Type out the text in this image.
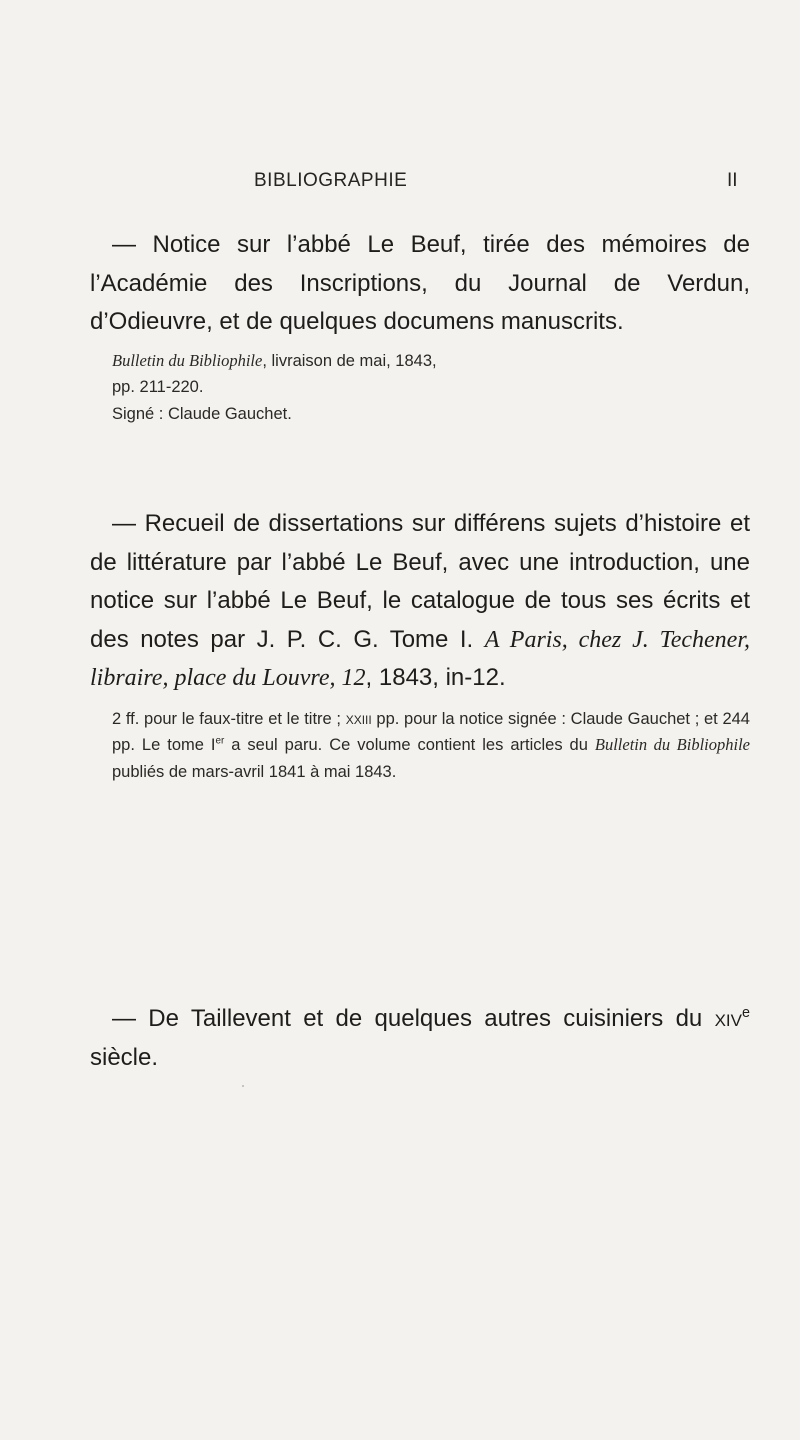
BIBLIOGRAPHIE	II

— Notice sur l’abbé Le Beuf, tirée des mémoires de l’Académie des Inscriptions, du Journal de Verdun, d’Odieuvre, et de quelques documens manuscrits.

Bulletin du Bibliophile, livraison de mai, 1843,

pp. 211-220.

Signé : Claude Gauchet.

— Recueil de dissertations sur différens sujets d’histoire et de littérature par l’abbé Le Beuf, avec une introduction, une notice sur l’abbé Le Beuf, le catalogue de tous ses écrits et des notes par J. P. C. G. Tome I. A Paris, chez J. Techener, libraire, place du Louvre, 12, 1843, in-12.

2 ff. pour le faux-titre et le titre ; xxiii pp. pour la notice signée : Claude Gauchet ; et 244 pp. Le tome Ier a seul paru. Ce volume contient les articles du Bulletin du Bibliophile publiés de mars-avril 1841 à mai 1843.

— De Taillevent et de quelques autres cuisiniers du xiv$^e$ siècle.
